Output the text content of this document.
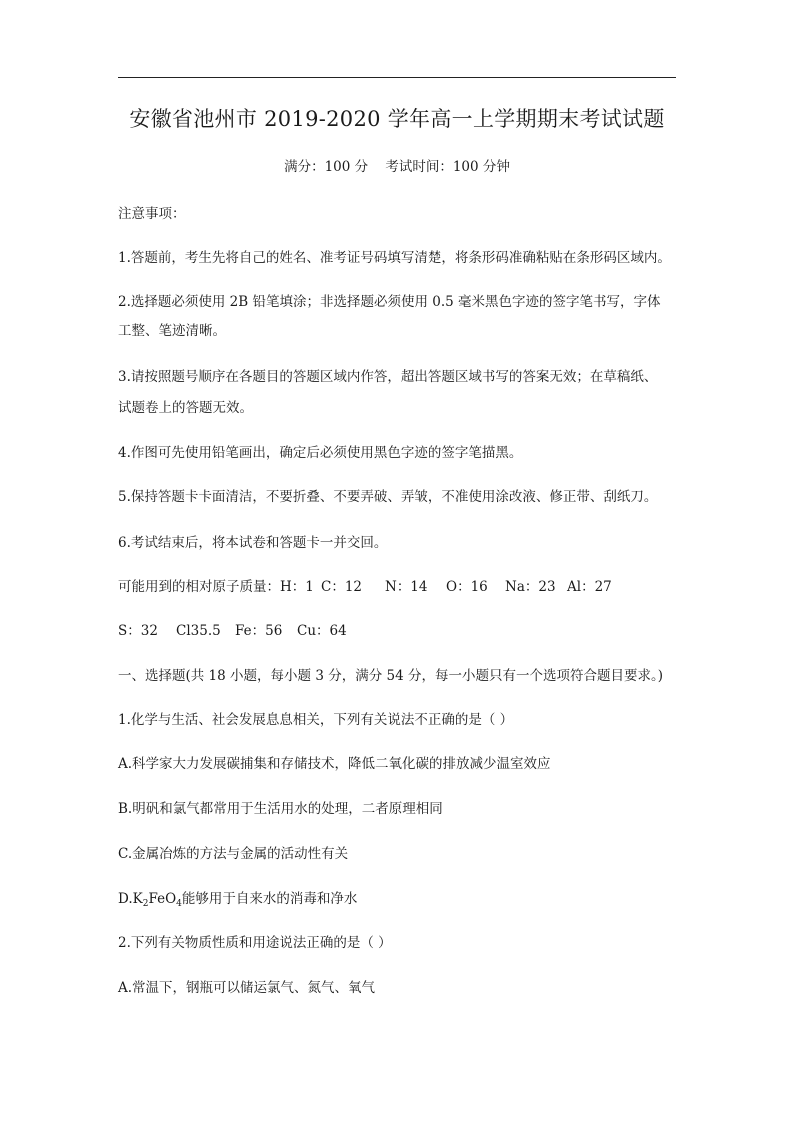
安徽省池州市 2019-2020 学年高一上学期期末考试试题
满分：100 分    考试时间：100 分钟
注意事项：
1.答题前，考生先将自己的姓名、准考证号码填写清楚，将条形码准确粘贴在条形码区域内。
2.选择题必须使用 2B 铅笔填涂；非选择题必须使用 0.5 毫米黑色字迹的签字笔书写，字体
工整、笔迹清晰。
3.请按照题号顺序在各题目的答题区域内作答，超出答题区域书写的答案无效；在草稿纸、
试题卷上的答题无效。
4.作图可先使用铅笔画出，确定后必须使用黑色字迹的签字笔描黑。
5.保持答题卡卡面清洁，不要折叠、不要弄破、弄皱，不准使用涂改液、修正带、刮纸刀。
6.考试结束后，将本试卷和答题卡一并交回。
可能用到的相对原子质量：H：1 C：12 N：14 O：16 Na：23 Al：27
S：32 Cl35.5 Fe：56 Cu：64
一、选择题(共 18 小题，每小题 3 分，满分 54 分，每一小题只有一个选项符合题目要求。)
1.化学与生活、社会发展息息相关，下列有关说法不正确的是（ ）
A.科学家大力发展碳捕集和存储技术，降低二氧化碳的排放减少温室效应
B.明矾和氯气都常用于生活用水的处理，二者原理相同
C.金属冶炼的方法与金属的活动性有关
$D.K_2FeO_4$能够用于自来水的消毒和净水
2.下列有关物质性质和用途说法正确的是（ ）
A.常温下，钢瓶可以储运氯气、氮气、氧气
